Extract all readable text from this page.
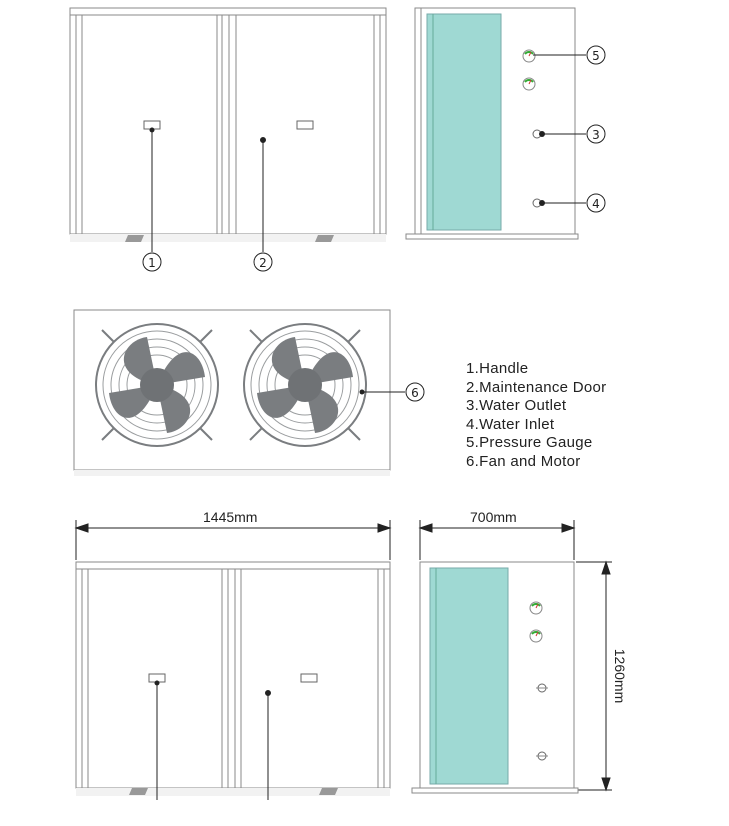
1	2
5
3
4
6
1445mm	700mm
1260mm
1.Handle
2.Maintenance Door
3.Water Outlet
4.Water Inlet
5.Pressure Gauge
6.Fan and Motor
